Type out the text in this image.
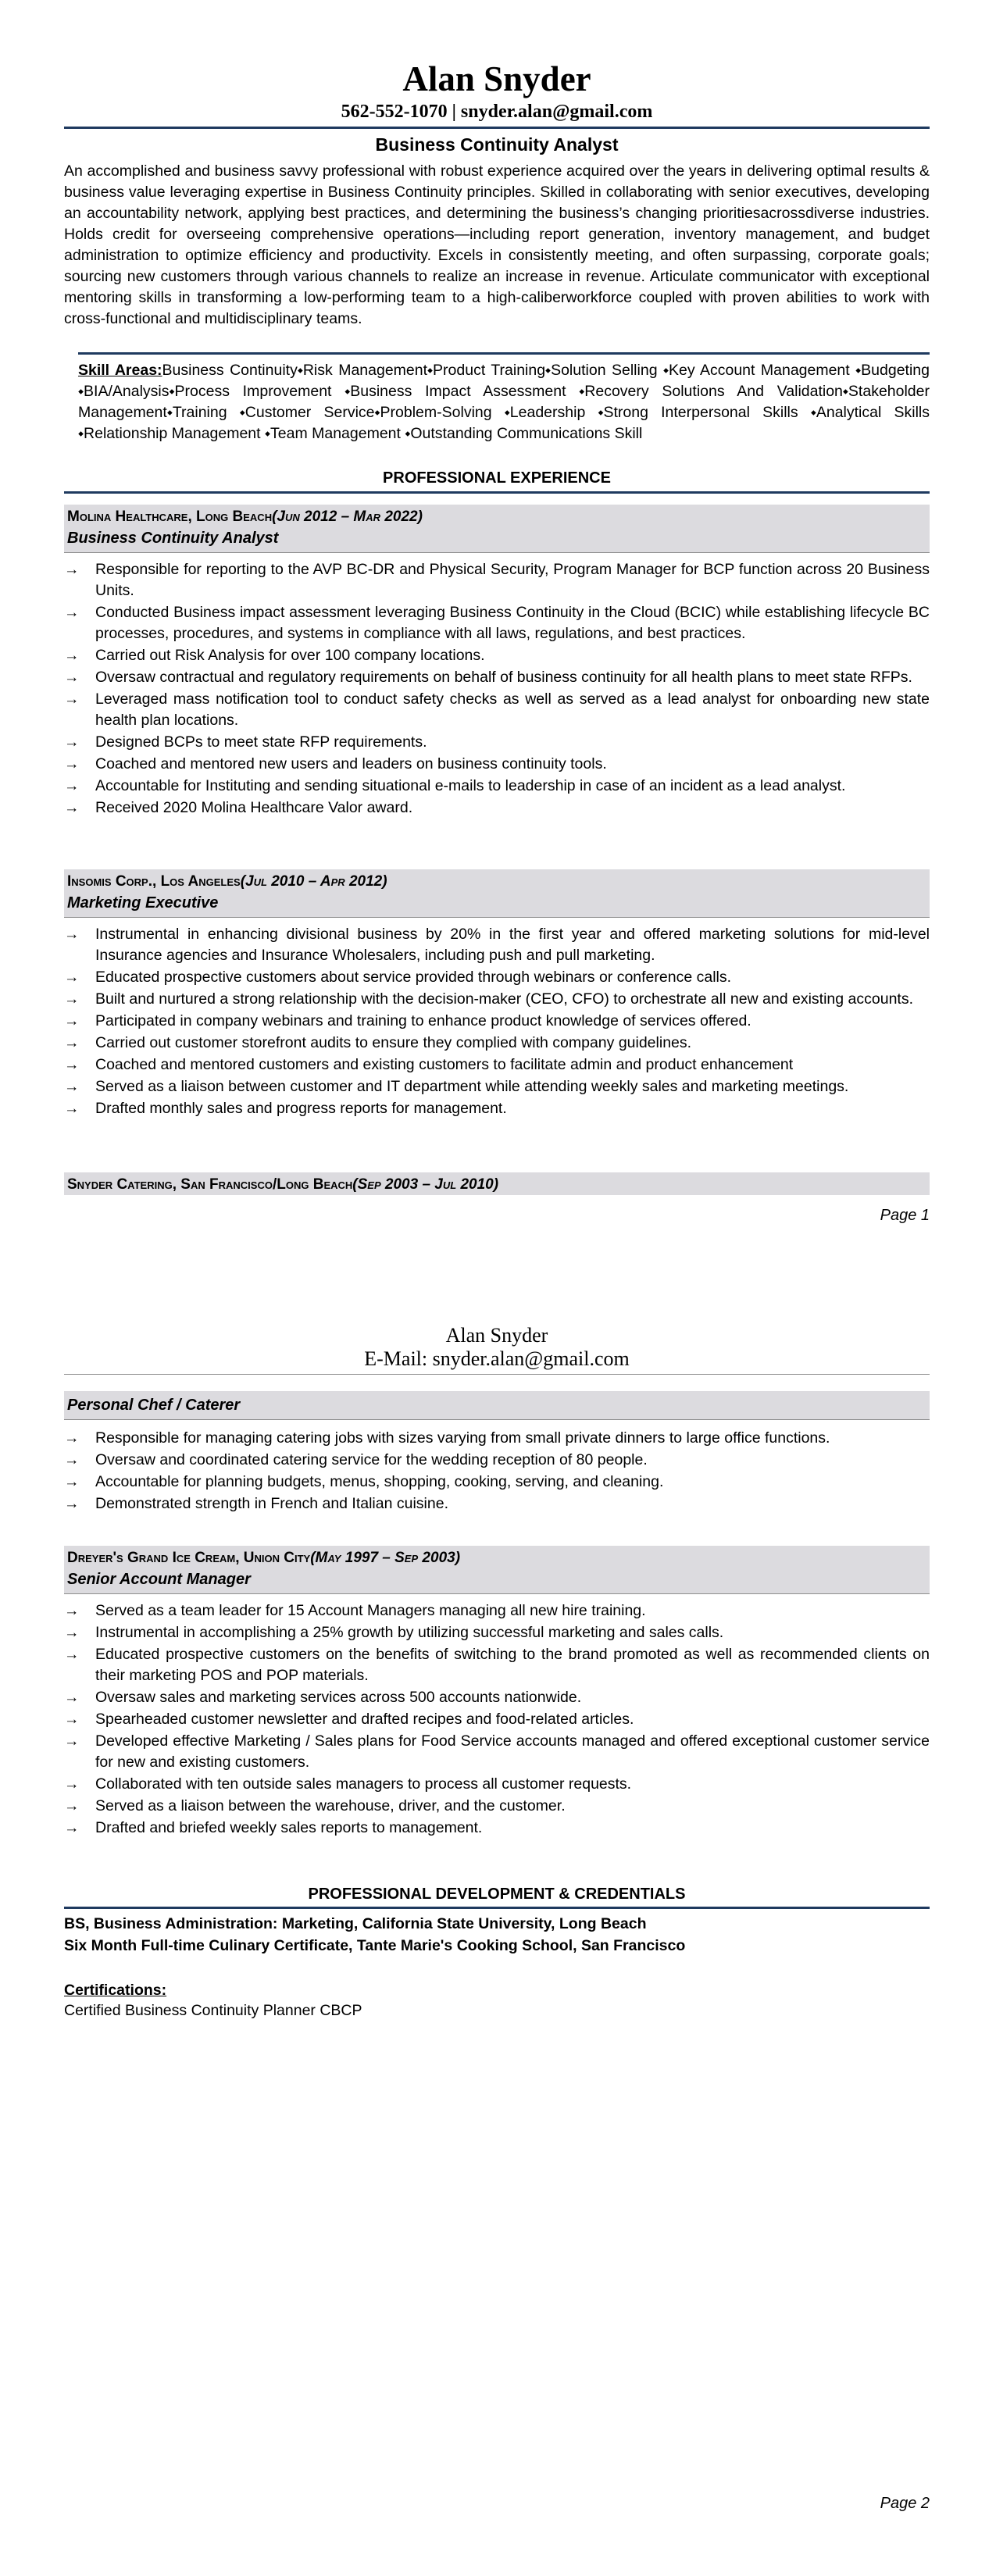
Alan Snyder
562-552-1070 | snyder.alan@gmail.com
Business Continuity Analyst

An accomplished and business savvy professional with robust experience acquired over the years in delivering optimal results & business value leveraging expertise in Business Continuity principles. Skilled in collaborating with senior executives, developing an accountability network, applying best practices, and determining the business’s changing prioritiesacrossdiverse industries. Holds credit for overseeing comprehensive operations—including report generation, inventory management, and budget administration to optimize efficiency and productivity. Excels in consistently meeting, and often surpassing, corporate goals; sourcing new customers through various channels to realize an increase in revenue. Articulate communicator with exceptional mentoring skills in transforming a low-performing team to a high-caliberworkforce coupled with proven abilities to work with cross-functional and multidisciplinary teams.

Skill Areas:Business Continuity⬩Risk Management⬩Product Training⬩Solution Selling ⬩Key Account Management ⬩Budgeting ⬩BIA/Analysis⬩Process Improvement ⬩Business Impact Assessment ⬩Recovery Solutions And Validation⬩Stakeholder Management⬩Training ⬩Customer Service⬩Problem-Solving ⬩Leadership ⬩Strong Interpersonal Skills ⬩Analytical Skills ⬩Relationship Management ⬩Team Management ⬩Outstanding Communications Skill
PROFESSIONAL EXPERIENCE
Molina Healthcare, Long Beach(Jun 2012 – Mar 2022)
Business Continuity Analyst
→	Responsible for reporting to the AVP BC-DR and Physical Security, Program Manager for BCP function across 20 Business Units.
→	Conducted Business impact assessment leveraging Business Continuity in the Cloud (BCIC) while establishing lifecycle BC processes, procedures, and systems in compliance with all laws, regulations, and best practices.
→	Carried out Risk Analysis for over 100 company locations.
→	Oversaw contractual and regulatory requirements on behalf of business continuity for all health plans to meet state RFPs.
→	Leveraged mass notification tool to conduct safety checks as well as served as a lead analyst for onboarding new state health plan locations.
→	Designed BCPs to meet state RFP requirements.
→	Coached and mentored new users and leaders on business continuity tools.
→	Accountable for Instituting and sending situational e-mails to leadership in case of an incident as a lead analyst.
→	Received 2020 Molina Healthcare Valor award.
Insomis Corp., Los Angeles(Jul 2010 – Apr 2012)
Marketing Executive
→	Instrumental in enhancing divisional business by 20% in the first year and offered marketing solutions for mid-level Insurance agencies and Insurance Wholesalers, including push and pull marketing.
→	Educated prospective customers about service provided through webinars or conference calls.
→	Built and nurtured a strong relationship with the decision-maker (CEO, CFO) to orchestrate all new and existing accounts.
→	Participated in company webinars and training to enhance product knowledge of services offered.
→	Carried out customer storefront audits to ensure they complied with company guidelines.
→	Coached and mentored customers and existing customers to facilitate admin and product enhancement
→	Served as a liaison between customer and IT department while attending weekly sales and marketing meetings.
→	Drafted monthly sales and progress reports for management.
Snyder Catering, San Francisco/Long Beach(Sep 2003 – Jul 2010)
Page 1
Alan Snyder
E-Mail: snyder.alan@gmail.com
Personal Chef / Caterer
→	Responsible for managing catering jobs with sizes varying from small private dinners to large office functions.
→	Oversaw and coordinated catering service for the wedding reception of 80 people.
→	Accountable for planning budgets, menus, shopping, cooking, serving, and cleaning.
→	Demonstrated strength in French and Italian cuisine.
Dreyer's Grand Ice Cream, Union City(May 1997 – Sep 2003)
Senior Account Manager
→	Served as a team leader for 15 Account Managers managing all new hire training.
→	Instrumental in accomplishing a 25% growth by utilizing successful marketing and sales calls.
→	Educated prospective customers on the benefits of switching to the brand promoted as well as recommended clients on their marketing POS and POP materials.
→	Oversaw sales and marketing services across 500 accounts nationwide.
→	Spearheaded customer newsletter and drafted recipes and food-related articles.
→	Developed effective Marketing / Sales plans for Food Service accounts managed and offered exceptional customer service for new and existing customers.
→	Collaborated with ten outside sales managers to process all customer requests.
→	Served as a liaison between the warehouse, driver, and the customer.
→	Drafted and briefed weekly sales reports to management.
PROFESSIONAL DEVELOPMENT & CREDENTIALS
BS, Business Administration: Marketing, California State University, Long Beach
Six Month Full-time Culinary Certificate, Tante Marie's Cooking School, San Francisco
Certifications:
Certified Business Continuity Planner CBCP
Page 2
